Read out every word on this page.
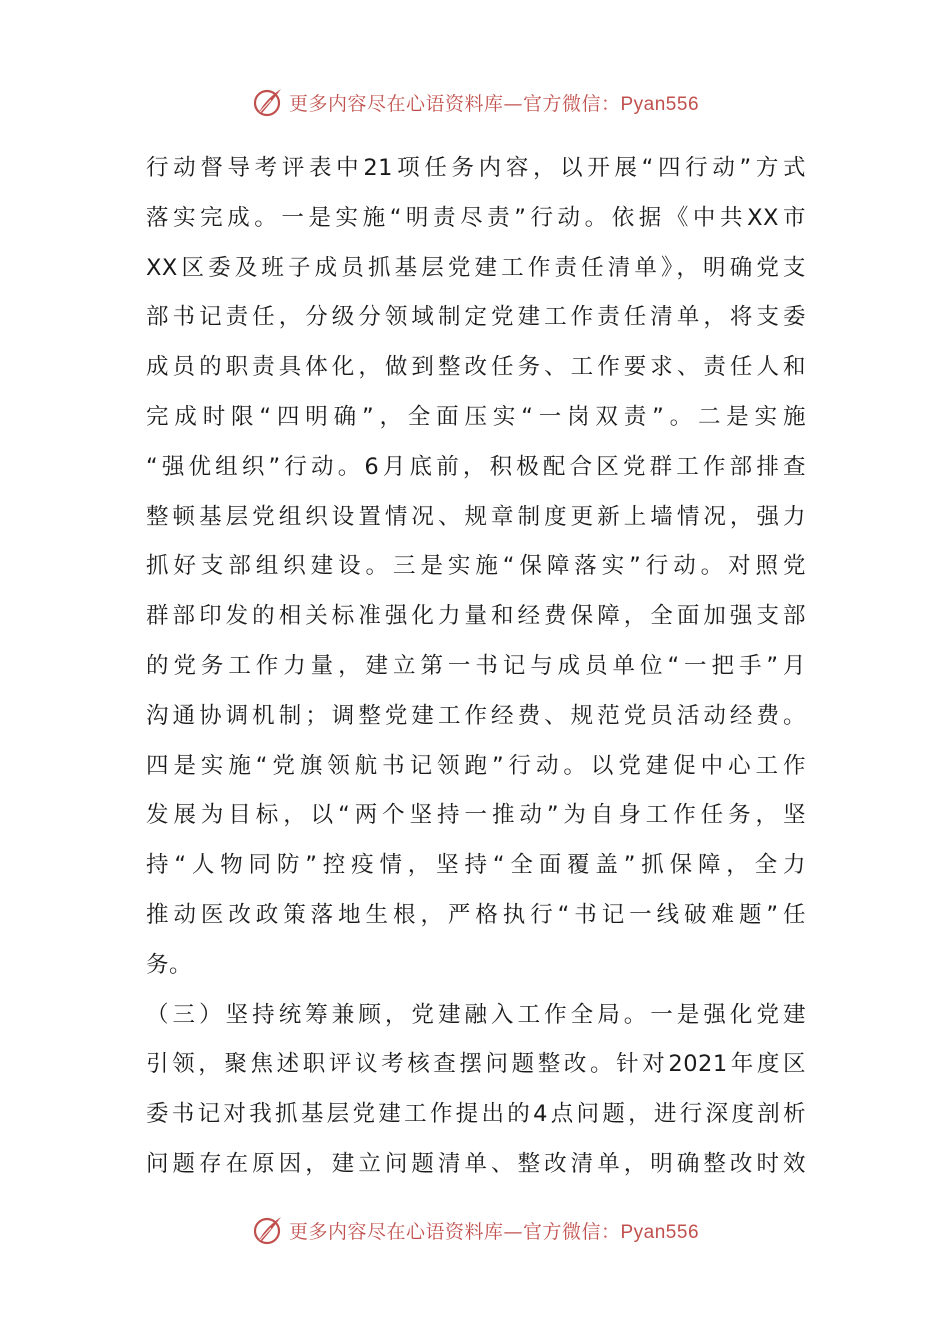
更多内容尽在心语资料库—官方微信：Pyan556
行动督导考评表中21项任务内容，以开展“四行动”方式
落实完成。一是实施“明责尽责”行动。依据《中共XX市
XX区委及班子成员抓基层党建工作责任清单》，明确党支
部书记责任，分级分领域制定党建工作责任清单，将支委
成员的职责具体化，做到整改任务、工作要求、责任人和
完成时限“四明确”，全面压实“一岗双责”。二是实施
“强优组织”行动。6月底前，积极配合区党群工作部排查
整顿基层党组织设置情况、规章制度更新上墙情况，强力
抓好支部组织建设。三是实施“保障落实”行动。对照党
群部印发的相关标准强化力量和经费保障，全面加强支部
的党务工作力量，建立第一书记与成员单位“一把手”月
沟通协调机制；调整党建工作经费、规范党员活动经费。
四是实施“党旗领航书记领跑”行动。以党建促中心工作
发展为目标，以“两个坚持一推动”为自身工作任务，坚
持“人物同防”控疫情，坚持“全面覆盖”抓保障，全力
推动医改政策落地生根，严格执行“书记一线破难题”任
务。
（三）坚持统筹兼顾，党建融入工作全局。一是强化党建
引领，聚焦述职评议考核查摆问题整改。针对2021年度区
委书记对我抓基层党建工作提出的4点问题，进行深度剖析
问题存在原因，建立问题清单、整改清单，明确整改时效
更多内容尽在心语资料库—官方微信：Pyan556
